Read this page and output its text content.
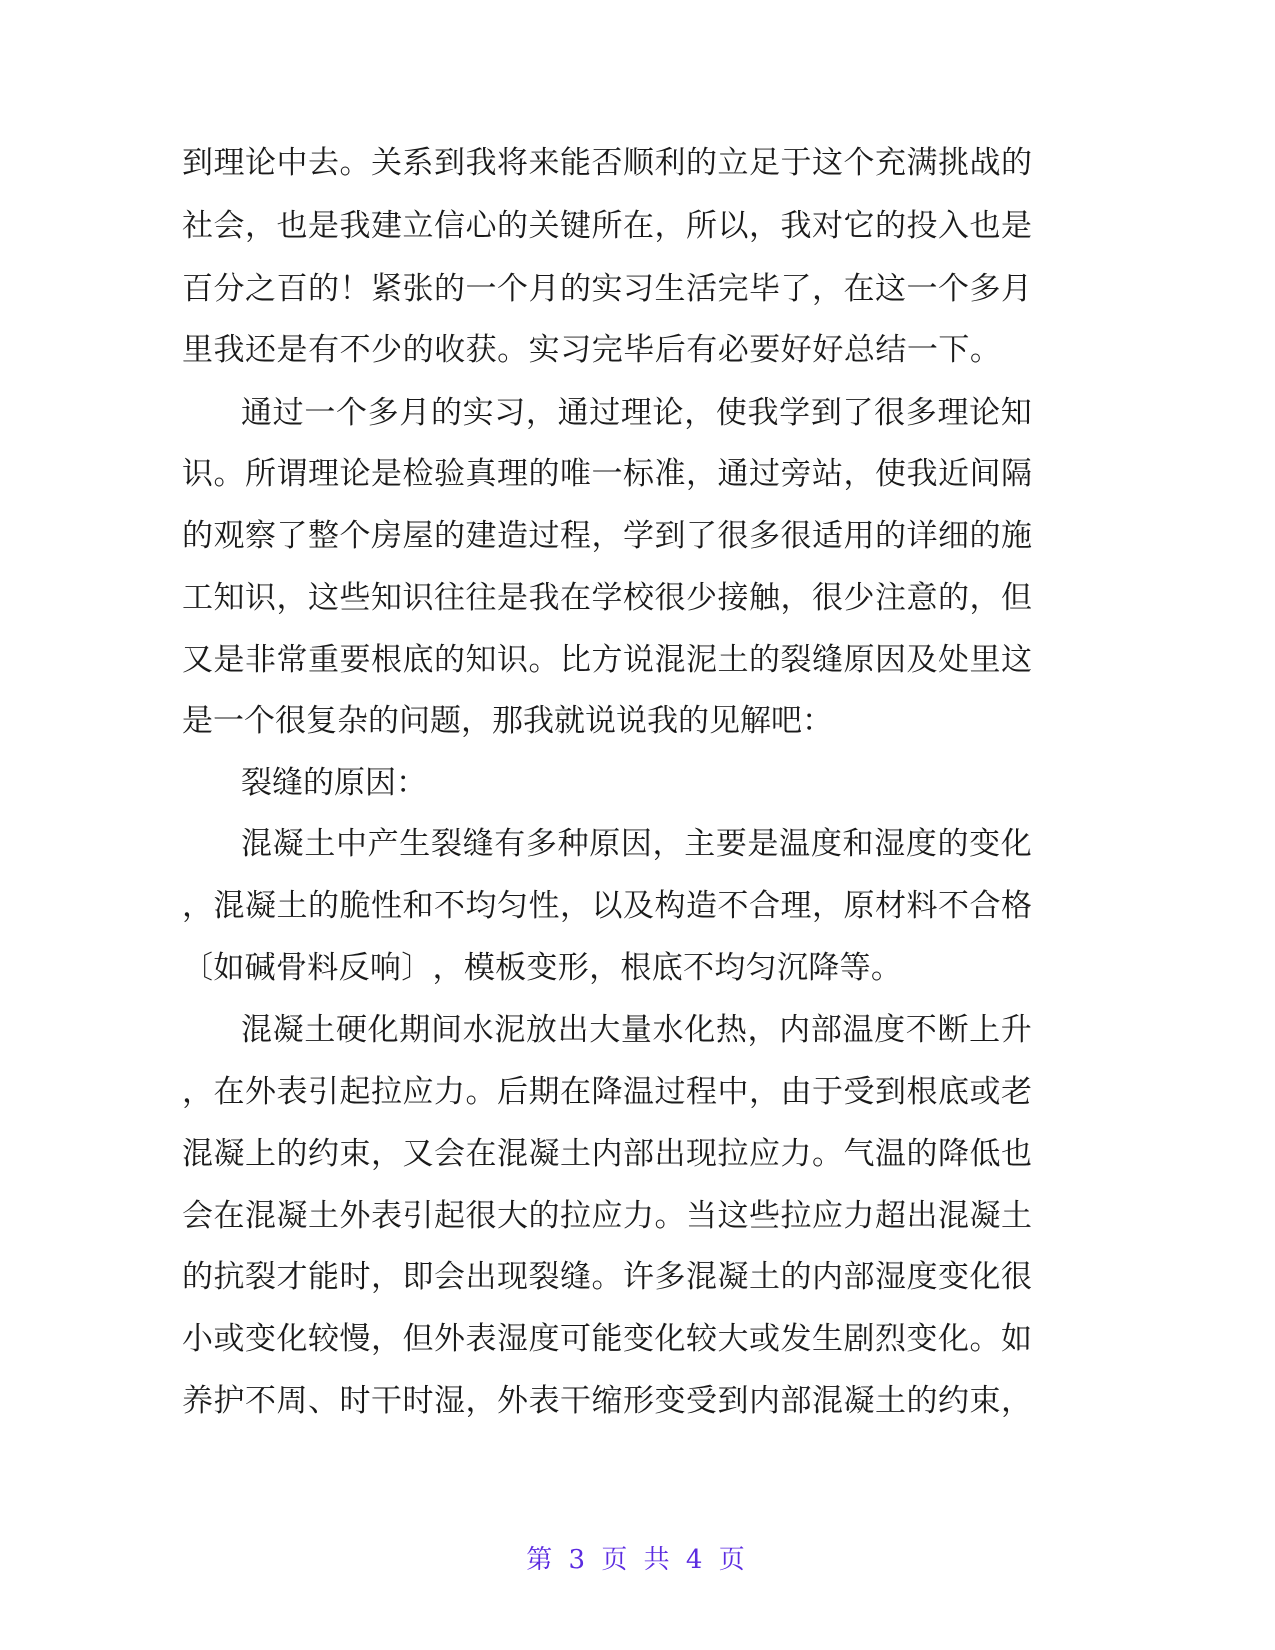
到 理 论 中 去 。 关 系 到 我 将 来 能 否 顺 利 的 立 足 于 这 个 充 满 挑 战 的
社 会 ， 也 是 我 建 立 信 心 的 关 键 所 在 ， 所 以 ， 我 对 它 的 投 入 也 是
百 分 之 百 的 ！ 紧 张 的 一 个 月 的 实 习 生 活 完 毕 了 ， 在 这 一 个 多 月
里 我 还 是 有 不 少 的 收 获 。 实 习 完 毕 后 有 必 要 好 好 总 结 一 下 。
通 过 一 个 多 月 的 实 习 ， 通 过 理 论 ， 使 我 学 到 了 很 多 理 论 知
识 。 所 谓 理 论 是 检 验 真 理 的 唯 一 标 准 ， 通 过 旁 站 ， 使 我 近 间 隔
的 观 察 了 整 个 房 屋 的 建 造 过 程 ， 学 到 了 很 多 很 适 用 的 详 细 的 施
工 知 识 ， 这 些 知 识 往 往 是 我 在 学 校 很 少 接 触 ， 很 少 注 意 的 ， 但
又 是 非 常 重 要 根 底 的 知 识 。 比 方 说 混 泥 土 的 裂 缝 原 因 及 处 里 这
是 一 个 很 复 杂 的 问 题 ， 那 我 就 说 说 我 的 见 解 吧 ：
裂 缝 的 原 因 ：
混 凝 土 中 产 生 裂 缝 有 多 种 原 因 ， 主 要 是 温 度 和 湿 度 的 变 化
， 混 凝 土 的 脆 性 和 不 均 匀 性 ， 以 及 构 造 不 合 理 ， 原 材 料 不 合 格
〔 如 碱 骨 料 反 响 〕 ， 模 板 变 形 ， 根 底 不 均 匀 沉 降 等 。
混 凝 土 硬 化 期 间 水 泥 放 出 大 量 水 化 热 ， 内 部 温 度 不 断 上 升
， 在 外 表 引 起 拉 应 力 。 后 期 在 降 温 过 程 中 ， 由 于 受 到 根 底 或 老
混 凝 上 的 约 束 ， 又 会 在 混 凝 土 内 部 出 现 拉 应 力 。 气 温 的 降 低 也
会 在 混 凝 土 外 表 引 起 很 大 的 拉 应 力 。 当 这 些 拉 应 力 超 出 混 凝 土
的 抗 裂 才 能 时 ， 即 会 出 现 裂 缝 。 许 多 混 凝 土 的 内 部 湿 度 变 化 很
小 或 变 化 较 慢 ， 但 外 表 湿 度 可 能 变 化 较 大 或 发 生 剧 烈 变 化 。 如
养 护 不 周 、 时 干 时 湿 ， 外 表 干 缩 形 变 受 到 内 部 混 凝 土 的 约 束 ，
第 3 页 共 4 页
